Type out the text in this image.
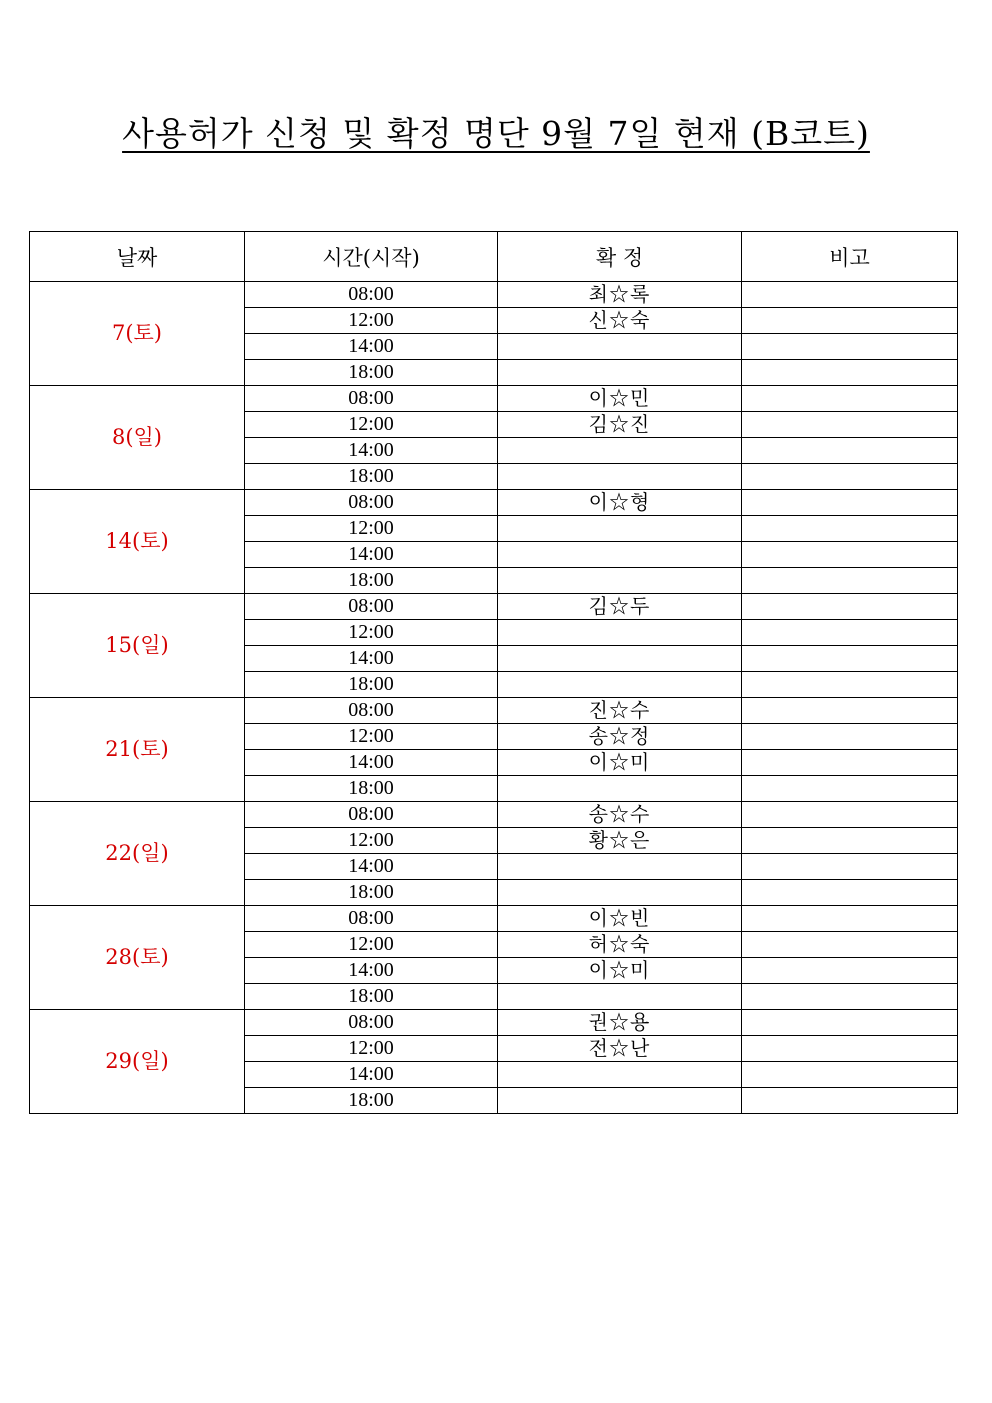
사용허가 신청 및 확정 명단 9월 7일 현재 (B코트)
날짜	시간(시작)	확 정	비고
7(토)	08:00	최☆록	
	12:00	신☆숙	
	14:00		
	18:00		
8(일)	08:00	이☆민	
	12:00	김☆진	
	14:00		
	18:00		
14(토)	08:00	이☆형	
	12:00		
	14:00		
	18:00		
15(일)	08:00	김☆두	
	12:00		
	14:00		
	18:00		
21(토)	08:00	진☆수	
	12:00	송☆정	
	14:00	이☆미	
	18:00		
22(일)	08:00	송☆수	
	12:00	황☆은	
	14:00		
	18:00		
28(토)	08:00	이☆빈	
	12:00	허☆숙	
	14:00	이☆미	
	18:00		
29(일)	08:00	권☆용	
	12:00	전☆난	
	14:00		
	18:00		
